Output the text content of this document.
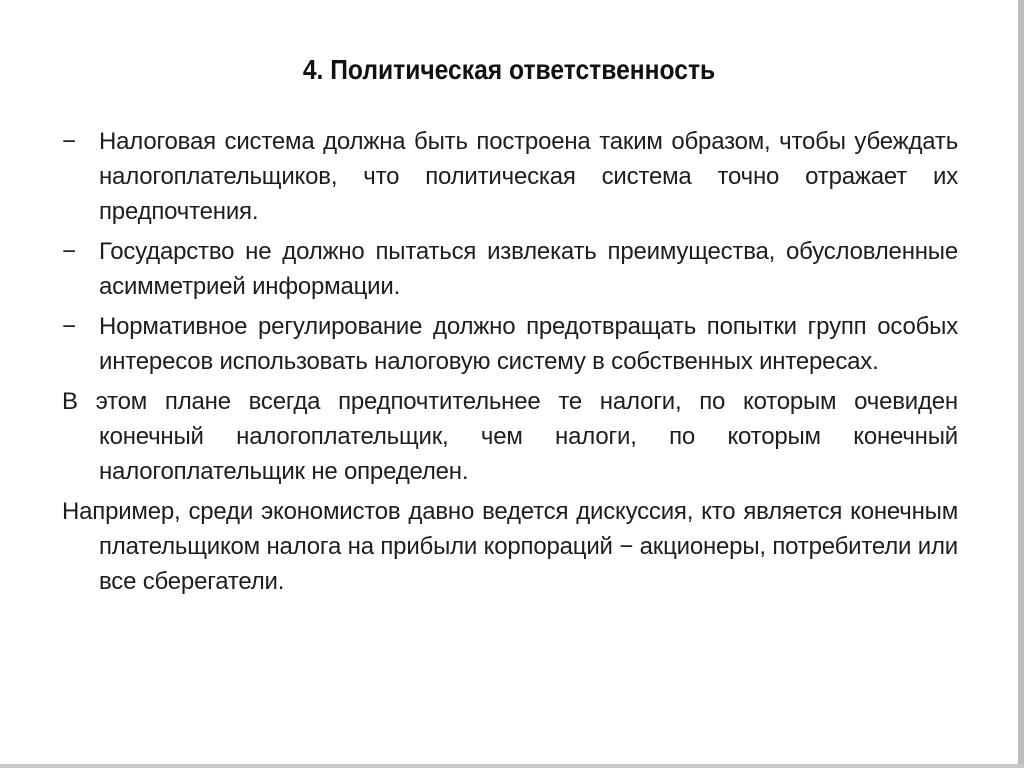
4. Политическая ответственность
− Налоговая система должна быть построена таким образом, чтобы убеждать налогоплательщиков, что политическая система точно отражает их предпочтения.
− Государство не должно пытаться извлекать преимущества, обусловленные асимметрией информации.
− Нормативное регулирование должно предотвращать попытки групп особых интересов использовать налоговую систему в собственных интересах.
В этом плане всегда предпочтительнее те налоги, по которым очевиден конечный налогоплательщик, чем налоги, по которым конечный налогоплательщик не определен.
Например, среди экономистов давно ведется дискуссия, кто является конечным плательщиком налога на прибыли корпораций − акционеры, потребители или все сберегатели.
